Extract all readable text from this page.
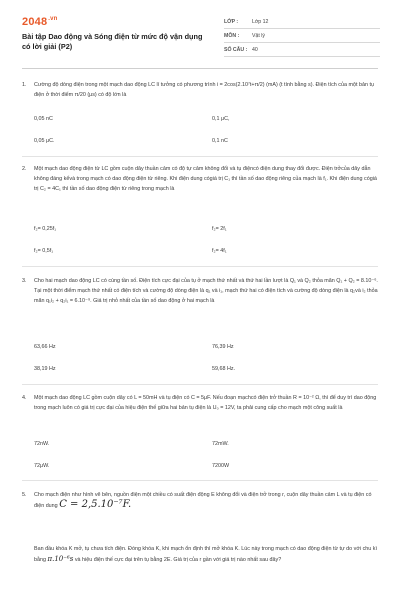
$2048^{.vn}$
Bài tập Dao động và Sóng điện từ mức độ vận dụng có lời giải (P2)
LỚP :	Lớp 12
MÔN :	Vật lý
SỐ CÂU : 40
1.	Cường độ dòng điện trong một mạch dao động LC lí tưởng có phương trình i = 2cos(2.10⁷t+π/2) (mA) (t tính bằng s). Điện tích của một bản tụ điện ở thời điểm π/20 (μs) có độ lớn là
0,05 nC	0,1 μC,
0,05 μC.	0,1 nC
2.	Một mạch dao động điện từ LC gồm cuộn dây thuần cảm có độ tự cảm không đổi và tụ điệncó điện dung thay đổi được. Điện trởcủa dây dẫn không đáng kểvà trong mạch có dao động điện từ riêng. Khi điện dung cógiá trị C₁ thì tần số dao động riêng của mạch là f₁. Khi điện dung cógiá trị C₂ = 4C₁ thì tần số dao động điện từ riêng trong mạch là
f₂= 0,25f₁	f₂= 2f₁
f₂= 0,5f₁	f₂= 4f₁
3.	Cho hai mạch dao động LC có cùng tần số. Điện tích cực đại của tụ ở mạch thứ nhất và thứ hai lần lượt là Q₁ và Q₂ thỏa mãn Q₁ + Q₂ = 8.10⁻⁶. Tại một thời điểm mạch thứ nhất có điện tích và cường độ dòng điện là q₁ và i₁, mạch thứ hai có điện tích và cường độ dòng điện là q₂và i₂ thỏa mãn q₁i₂ + q₂i₁ = 6.10⁻⁹. Giá trị nhỏ nhất của tần số dao động ở hai mạch là
63,66 Hz	76,39 Hz
38,19 Hz	59,68 Hz.
4.	Một mạch dao động LC gồm cuộn dây có L = 50mH và tụ điện có C = 5μF. Nếu đoạn mạchcó điện trở thuần R = 10⁻² Ω, thì để duy trì dao động trong mạch luôn có giá trị cực đại của hiệu điện thế giữa hai bản tụ điện là U₀ = 12V, ta phải cung cấp cho mạch một công suất là
72nW.	72mW.
72μW.	7200W
5.	Cho mạch điện như hình vẽ bên, nguồn điện một chiều có suất điện động E không đổi và điện trở trong r, cuộn dây thuần cảm L và tụ điện có điện dung C = 2,5.10⁻⁷F.
Ban đầu khóa K mở, tụ chưa tích điện. Đóng khóa K, khi mạch ổn định thì mở khóa K. Lúc này trong mạch có dao động điện từ tự do với chu kì bằng π.10⁻⁶s và hiệu điện thế cực đại trên tụ bằng 2E. Giá trị của r gần với giá trị nào nhất sau đây?
